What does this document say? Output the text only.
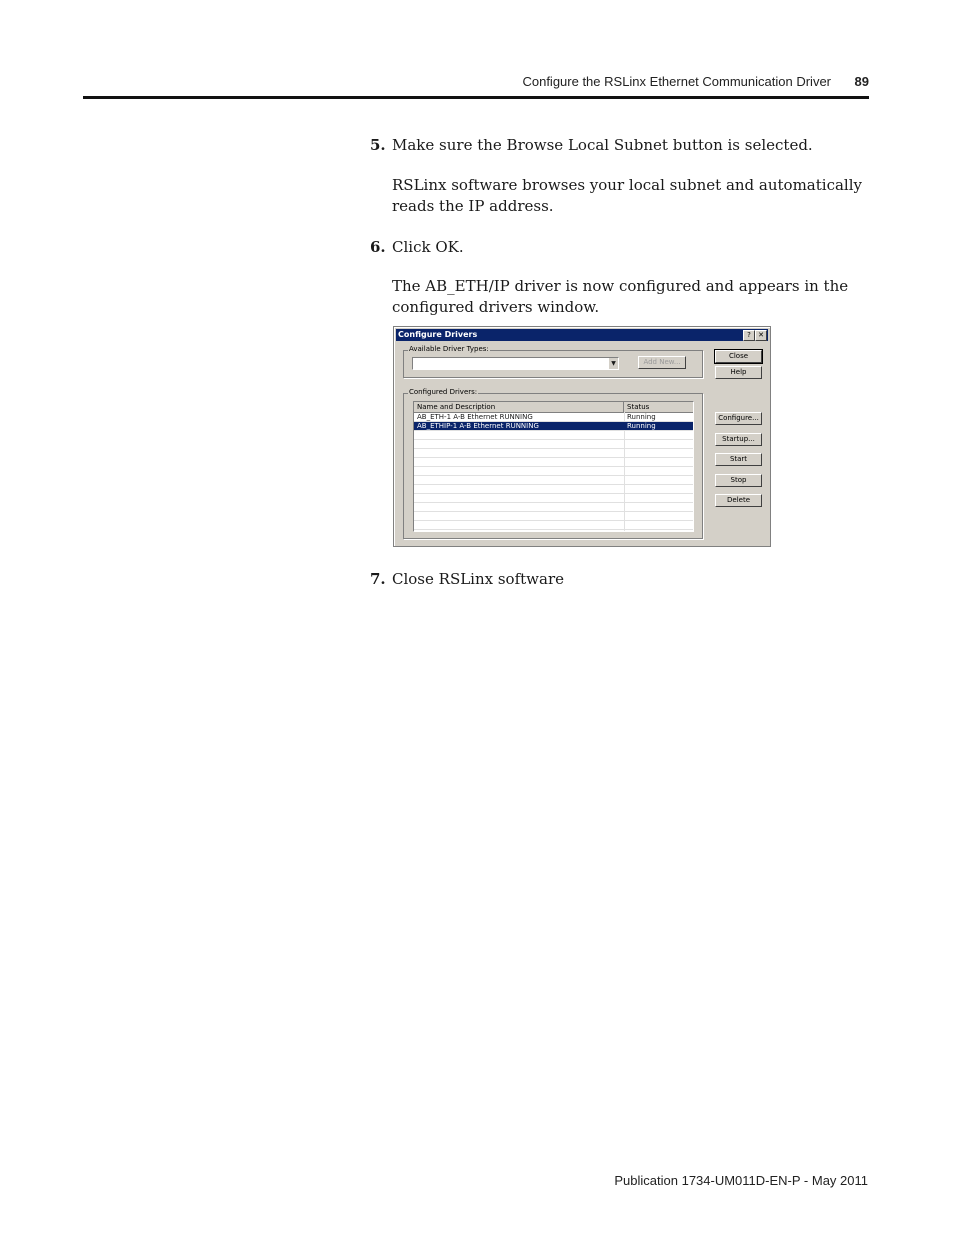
Configure the RSLinx Ethernet Communication Driver 89
5. Make sure the Browse Local Subnet button is selected.
RSLinx software browses your local subnet and automatically reads the IP address.
6. Click OK.
The AB_ETH/IP driver is now configured and appears in the configured drivers window.
Configure Drivers	?	✕
Available Driver Types:
▼	Add New...
Configured Drivers:
Name and Description	Status
AB_ETH-1 A-B Ethernet RUNNING	Running
AB_ETHIP-1 A-B Ethernet RUNNING	Running
Close
Help
Configure...
Startup...
Start
Stop
Delete
7. Close RSLinx software
Publication 1734-UM011D-EN-P - May 2011
